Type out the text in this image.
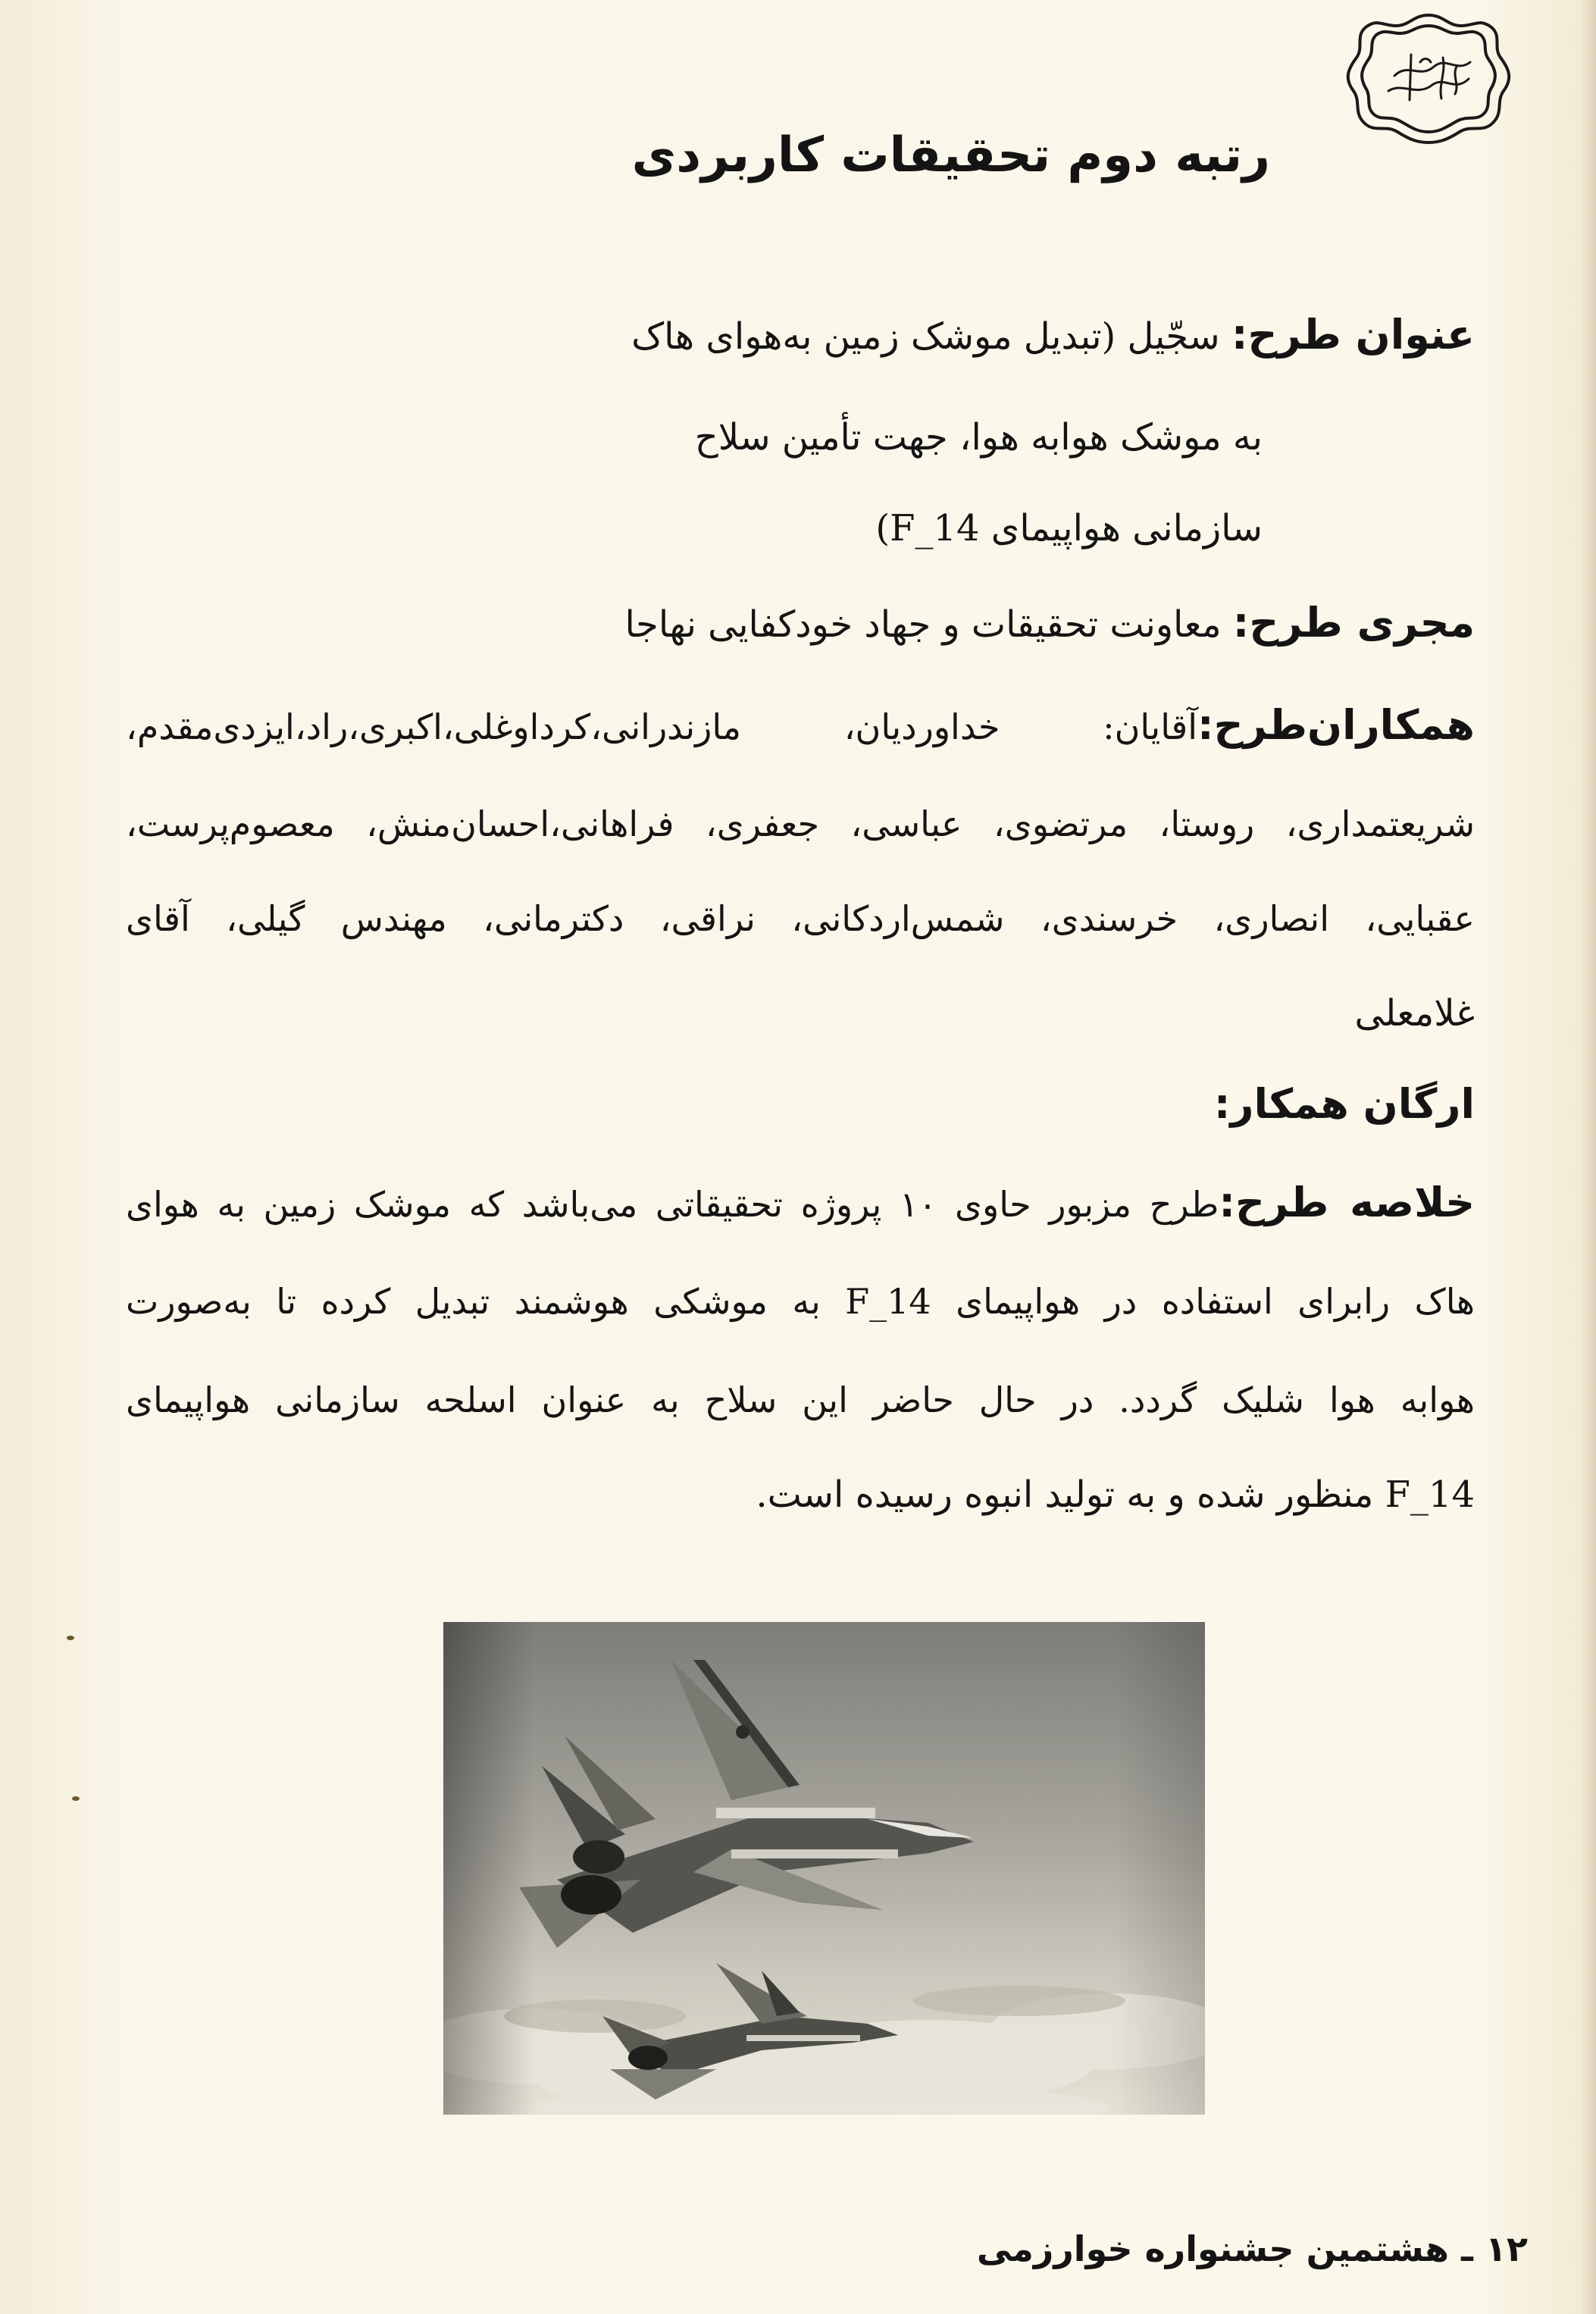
رتبه دوم تحقیقات کاربردی
عنوان طرح: سجّیل (تبدیل موشک زمین به‌هوای هاک
به موشک هوابه هوا، جهت تأمین سلاح
سازمانی هواپیمای F_14)
مجری طرح: معاونت تحقیقات و جهاد خودکفایی نهاجا
همکاران‌طرح:آقایان: خداوردیان، مازندرانی،کرداوغلی،اکبری،راد،ایزدی‌مقدم،
شریعتمداری، روستا، مرتضوی، عباسی، جعفری، فراهانی،احسان‌منش، معصوم‌پرست،
عقبایی، انصاری، خرسندی، شمس‌اردکانی، نراقی، دکترمانی، مهندس گیلی، آقای
غلامعلی
ارگان همکار:
خلاصه طرح:طرح مزبور حاوی ۱۰ پروژه تحقیقاتی می‌باشد که موشک زمین به هوای
هاک رابرای استفاده در هواپیمای F_14 به موشکی هوشمند تبدیل کرده تا به‌صورت
هوابه هوا شلیک گردد. در حال حاضر این سلاح به عنوان اسلحه سازمانی هواپیمای
F_14 منظور شده و به تولید انبوه رسیده است.
۱۲ ـ هشتمین جشنواره خوارزمی
